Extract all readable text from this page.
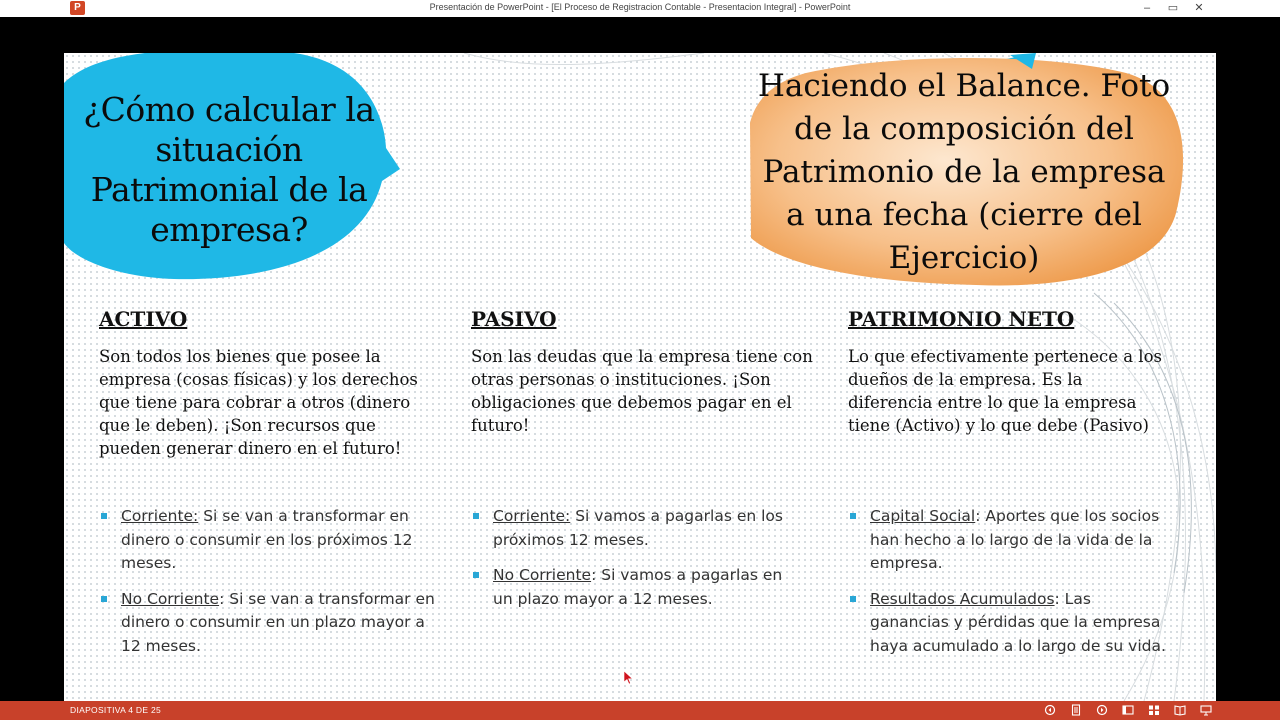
P	Presentación de PowerPoint - [El Proceso de Registracion Contable - Presentacion Integral] - PowerPoint	–	▭	✕
¿Cómo calcular la situación Patrimonial de la empresa?
Haciendo el Balance. Foto de la composición del Patrimonio de la empresa a una fecha (cierre del Ejercicio)

ACTIVO

Son todos los bienes que posee la empresa (cosas físicas) y los derechos que tiene para cobrar a otros (dinero que le deben). ¡Son recursos que pueden generar dinero en el futuro!

Corriente: Si se van a transformar en dinero o consumir en los próximos 12 meses.
No Corriente: Si se van a transformar en dinero o consumir en un plazo mayor a 12 meses.

PASIVO

Son las deudas que la empresa tiene con otras personas o instituciones. ¡Son obligaciones que debemos pagar en el futuro!

Corriente: Si vamos a pagarlas en los próximos 12 meses.
No Corriente: Si vamos a pagarlas en un plazo mayor a 12 meses.

PATRIMONIO NETO

Lo que efectivamente pertenece a los dueños de la empresa. Es la diferencia entre lo que la empresa tiene (Activo) y lo que debe (Pasivo)

Capital Social: Aportes que los socios han hecho a lo largo de la vida de la empresa.
Resultados Acumulados: Las ganancias y pérdidas que la empresa haya acumulado a lo largo de su vida.
DIAPOSITIVA 4 DE 25
